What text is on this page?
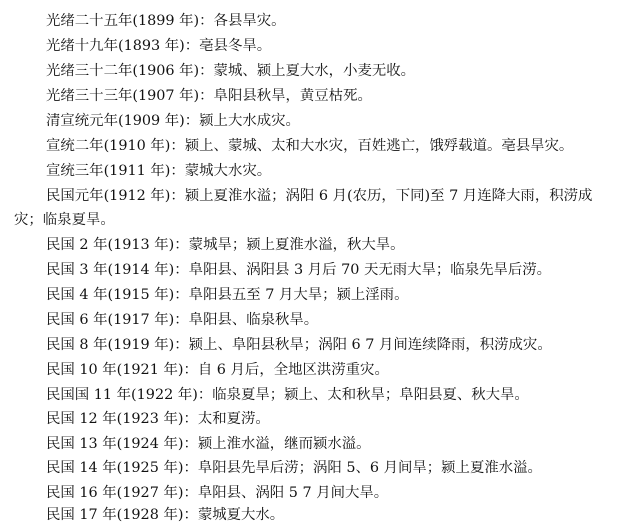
光绪二十五年(1899 年)：各县旱灾。
光绪十九年(1893 年)：亳县冬旱。
光绪三十二年(1906 年)：蒙城、颍上夏大水，小麦无收。
光绪三十三年(1907 年)：阜阳县秋旱，黄豆枯死。
清宣统元年(1909 年)：颍上大水成灾。
宣统二年(1910 年)：颍上、蒙城、太和大水灾，百姓逃亡，饿殍载道。亳县旱灾。
宣统三年(1911 年)：蒙城大水灾。
民国元年(1912 年)：颍上夏淮水溢；涡阳 6 月(农历，下同)至 7 月连降大雨，积涝成
灾；临泉夏旱。
民国 2 年(1913 年)：蒙城旱；颍上夏淮水溢，秋大旱。
民国 3 年(1914 年)：阜阳县、涡阳县 3 月后 70 天无雨大旱；临泉先旱后涝。
民国 4 年(1915 年)：阜阳县五至 7 月大旱；颍上淫雨。
民国 6 年(1917 年)：阜阳县、临泉秋旱。
民国 8 年(1919 年)：颍上、阜阳县秋旱；涡阳 6 7 月间连续降雨，积涝成灾。
民国 10 年(1921 年)：自 6 月后，全地区洪涝重灾。
民国国 11 年(1922 年)：临泉夏旱；颍上、太和秋旱；阜阳县夏、秋大旱。
民国 12 年(1923 年)：太和夏涝。
民国 13 年(1924 年)：颍上淮水溢，继而颍水溢。
民国 14 年(1925 年)：阜阳县先旱后涝；涡阳 5、6 月间旱；颍上夏淮水溢。
民国 16 年(1927 年)：阜阳县、涡阳 5 7 月间大旱。
民国 17 年(1928 年)：蒙城夏大水。
